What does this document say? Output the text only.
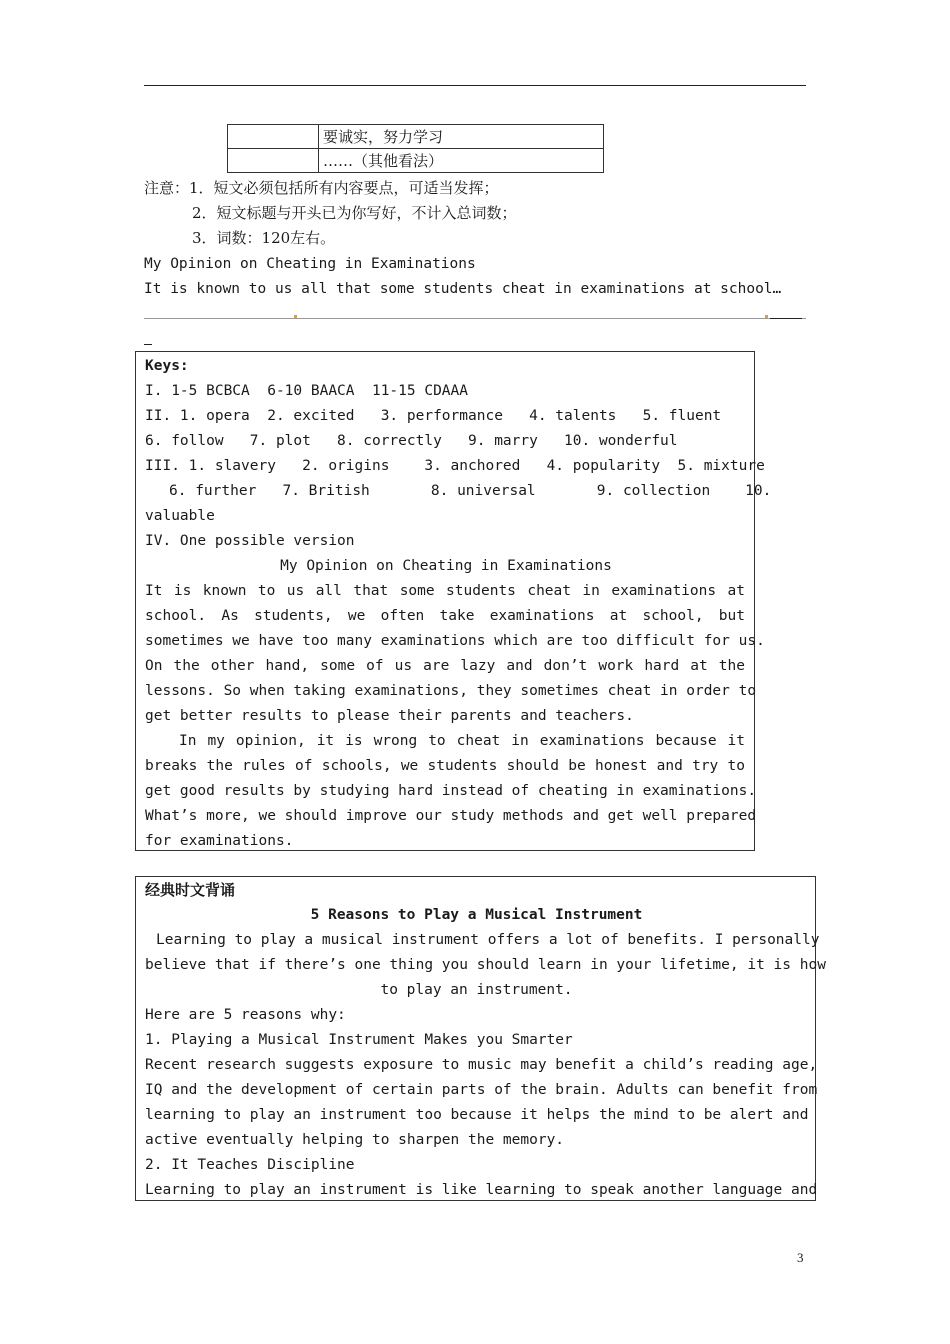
	要诚实，努力学习
	……（其他看法）
注意：1．短文必须包括所有内容要点，可适当发挥；
2．短文标题与开头已为你写好，不计入总词数；
3．词数：120左右。
My Opinion on Cheating in Examinations
It is known to us all that some students cheat in examinations at school…
Keys:
I. 1-5 BCBCA  6-10 BAACA  11-15 CDAAA
II. 1. opera  2. excited   3. performance   4. talents   5. fluent
6. follow   7. plot   8. correctly   9. marry   10. wonderful
III. 1. slavery   2. origins    3. anchored   4. popularity  5. mixture
6. further   7. British       8. universal       9. collection    10.
valuable
IV. One possible version
My Opinion on Cheating in Examinations
It is known to us all that some students cheat in examinations at
school. As students, we often take examinations at school, but
sometimes we have too many examinations which are too difficult for us.
On the other hand, some of us are lazy and don’t work hard at the
lessons. So when taking examinations, they sometimes cheat in order to
get better results to please their parents and teachers.
In my opinion, it is wrong to cheat in examinations because it
breaks the rules of schools, we students should be honest and try to
get good results by studying hard instead of cheating in examinations.
What’s more, we should improve our study methods and get well prepared
for examinations.
经典时文背诵
5 Reasons to Play a Musical Instrument
Learning to play a musical instrument offers a lot of benefits. I personally
believe that if there’s one thing you should learn in your lifetime, it is how
to play an instrument.
Here are 5 reasons why:
1. Playing a Musical Instrument Makes you Smarter
Recent research suggests exposure to music may benefit a child’s reading age,
IQ and the development of certain parts of the brain. Adults can benefit from
learning to play an instrument too because it helps the mind to be alert and
active eventually helping to sharpen the memory.
2. It Teaches Discipline
Learning to play an instrument is like learning to speak another language and
3
